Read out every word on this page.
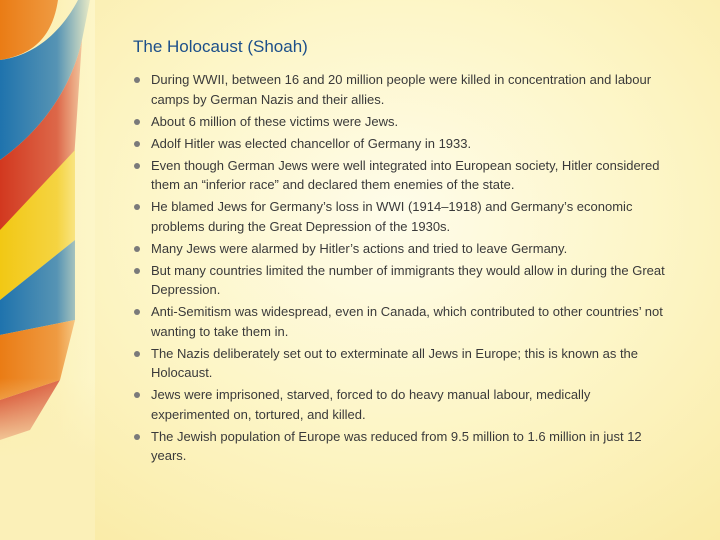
The Holocaust (Shoah)
During WWII, between 16 and 20 million people were killed in concentration and labour camps by German Nazis and their allies.
About 6 million of these victims were Jews.
Adolf Hitler was elected chancellor of Germany in 1933.
Even though German Jews were well integrated into European society, Hitler considered them an “inferior race” and declared them enemies of the state.
He blamed Jews for Germany’s loss in WWI (1914–1918) and Germany’s economic problems during the Great Depression of the 1930s.
Many Jews were alarmed by Hitler’s actions and tried to leave Germany.
But many countries limited the number of immigrants they would allow in during the Great Depression.
Anti-Semitism was widespread, even in Canada, which contributed to other countries’ not wanting to take them in.
The Nazis deliberately set out to exterminate all Jews in Europe; this is known as the Holocaust.
Jews were imprisoned, starved, forced to do heavy manual labour, medically experimented on, tortured, and killed.
The Jewish population of Europe was reduced from 9.5 million to 1.6 million in just 12 years.
